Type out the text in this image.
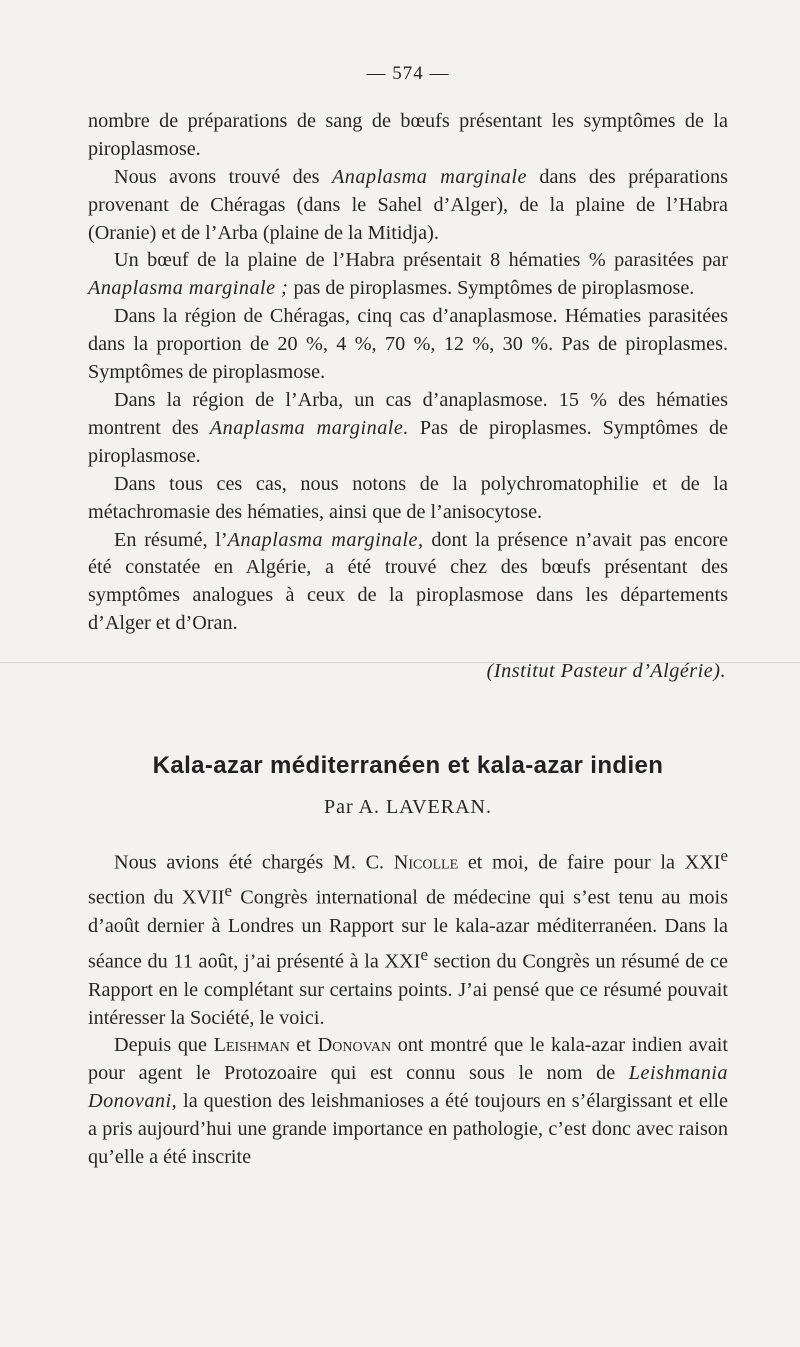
— 574 —

nombre de préparations de sang de bœufs présentant les symptômes de la piroplasmose.

Nous avons trouvé des Anaplasma marginale dans des préparations provenant de Chéragas (dans le Sahel d’Alger), de la plaine de l’Habra (Oranie) et de l’Arba (plaine de la Mitidja).

Un bœuf de la plaine de l’Habra présentait 8 hématies % parasitées par Anaplasma marginale ; pas de piroplasmes. Symptômes de piroplasmose.

Dans la région de Chéragas, cinq cas d’anaplasmose. Hématies parasitées dans la proportion de 20 %, 4 %, 70 %, 12 %, 30 %. Pas de piroplasmes. Symptômes de piroplasmose.

Dans la région de l’Arba, un cas d’anaplasmose. 15 % des hématies montrent des Anaplasma marginale. Pas de piroplasmes. Symptômes de piroplasmose.

Dans tous ces cas, nous notons de la polychromatophilie et de la métachromasie des hématies, ainsi que de l’anisocytose.

En résumé, l’Anaplasma marginale, dont la présence n’avait pas encore été constatée en Algérie, a été trouvé chez des bœufs présentant des symptômes analogues à ceux de la piroplasmose dans les départements d’Alger et d’Oran.

(Institut Pasteur d’Algérie).

Kala-azar méditerranéen et kala-azar indien
Par A. LAVERAN.

Nous avions été chargés M. C. Nicolle et moi, de faire pour la XXIe section du XVIIe Congrès international de médecine qui s’est tenu au mois d’août dernier à Londres un Rapport sur le kala-azar méditerranéen. Dans la séance du 11 août, j’ai présenté à la XXIe section du Congrès un résumé de ce Rapport en le complétant sur certains points. J’ai pensé que ce résumé pouvait intéresser la Société, le voici.

Depuis que Leishman et Donovan ont montré que le kala-azar indien avait pour agent le Protozoaire qui est connu sous le nom de Leishmania Donovani, la question des leishmanioses a été toujours en s’élargissant et elle a pris aujourd’hui une grande importance en pathologie, c’est donc avec raison qu’elle a été inscrite
